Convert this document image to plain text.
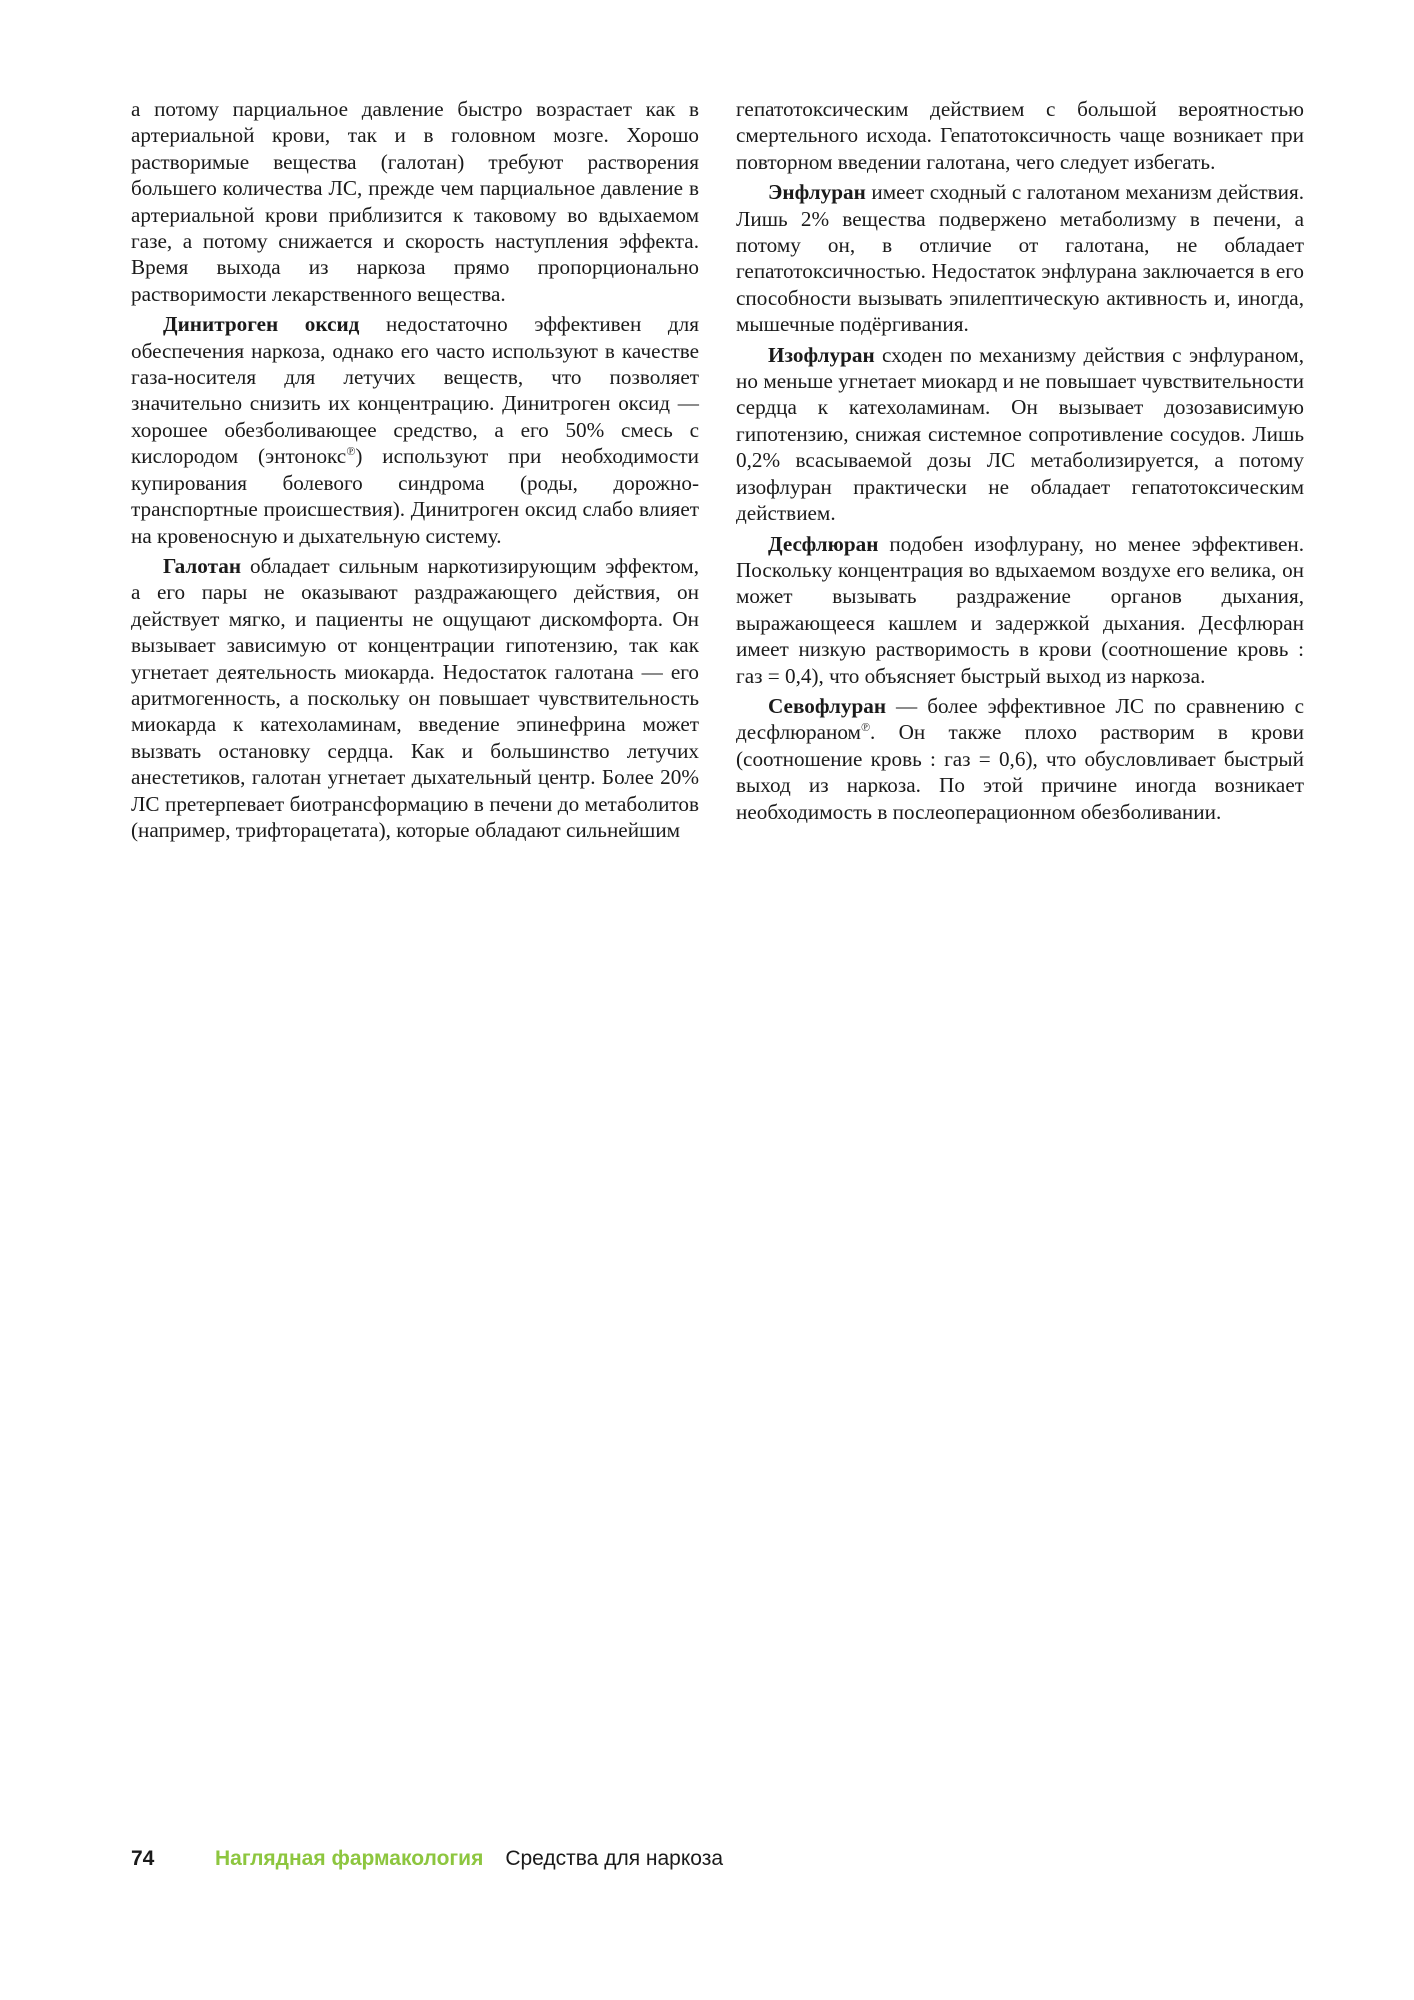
а потому парциальное давление быстро возрастает как в артериальной крови, так и в головном мозге. Хорошо растворимые вещества (галотан) требуют растворения большего количества ЛС, прежде чем парциальное давление в артериальной крови приблизится к таковому во вдыхаемом газе, а потому снижается и скорость наступления эффекта. Время выхода из наркоза прямо пропорционально растворимости лекарственного вещества.

Динитроген оксид недостаточно эффективен для обеспечения наркоза, однако его часто используют в качестве газа-носителя для летучих веществ, что позволяет значительно снизить их концентрацию. Динитроген оксид — хорошее обезболивающее средство, а его 50% смесь с кислородом (энтонокс℗) используют при необходимости купирования болевого синдрома (роды, дорожно-транспортные происшествия). Динитроген оксид слабо влияет на кровеносную и дыхательную систему.

Галотан обладает сильным наркотизирующим эффектом, а его пары не оказывают раздражающего действия, он действует мягко, и пациенты не ощущают дискомфорта. Он вызывает зависимую от концентрации гипотензию, так как угнетает деятельность миокарда. Недостаток галотана — его аритмогенность, а поскольку он повышает чувствительность миокарда к катехоламинам, введение эпинефрина может вызвать остановку сердца. Как и большинство летучих анестетиков, галотан угнетает дыхательный центр. Более 20% ЛС претерпевает биотрансформацию в печени до метаболитов (например, трифторацетата), которые обладают сильнейшим

гепатотоксическим действием с большой вероятностью смертельного исхода. Гепатотоксичность чаще возникает при повторном введении галотана, чего следует избегать.

Энфлуран имеет сходный с галотаном механизм действия. Лишь 2% вещества подвержено метаболизму в печени, а потому он, в отличие от галотана, не обладает гепатотоксичностью. Недостаток энфлурана заключается в его способности вызывать эпилептическую активность и, иногда, мышечные подёргивания.

Изофлуран сходен по механизму действия с энфлураном, но меньше угнетает миокард и не повышает чувствительности сердца к катехоламинам. Он вызывает дозозависимую гипотензию, снижая системное сопротивление сосудов. Лишь 0,2% всасываемой дозы ЛС метаболизируется, а потому изофлуран практически не обладает гепатотоксическим действием.

Десфлюран подобен изофлурану, но менее эффективен. Поскольку концентрация во вдыхаемом воздухе его велика, он может вызывать раздражение органов дыхания, выражающееся кашлем и задержкой дыхания. Десфлюран имеет низкую растворимость в крови (соотношение кровь : газ = 0,4), что объясняет быстрый выход из наркоза.

Севофлуран — более эффективное ЛС по сравнению с десфлюраном℗. Он также плохо растворим в крови (соотношение кровь : газ = 0,6), что обусловливает быстрый выход из наркоза. По этой причине иногда возникает необходимость в послеоперационном обезболивании.

74	Наглядная фармакология Средства для наркоза
